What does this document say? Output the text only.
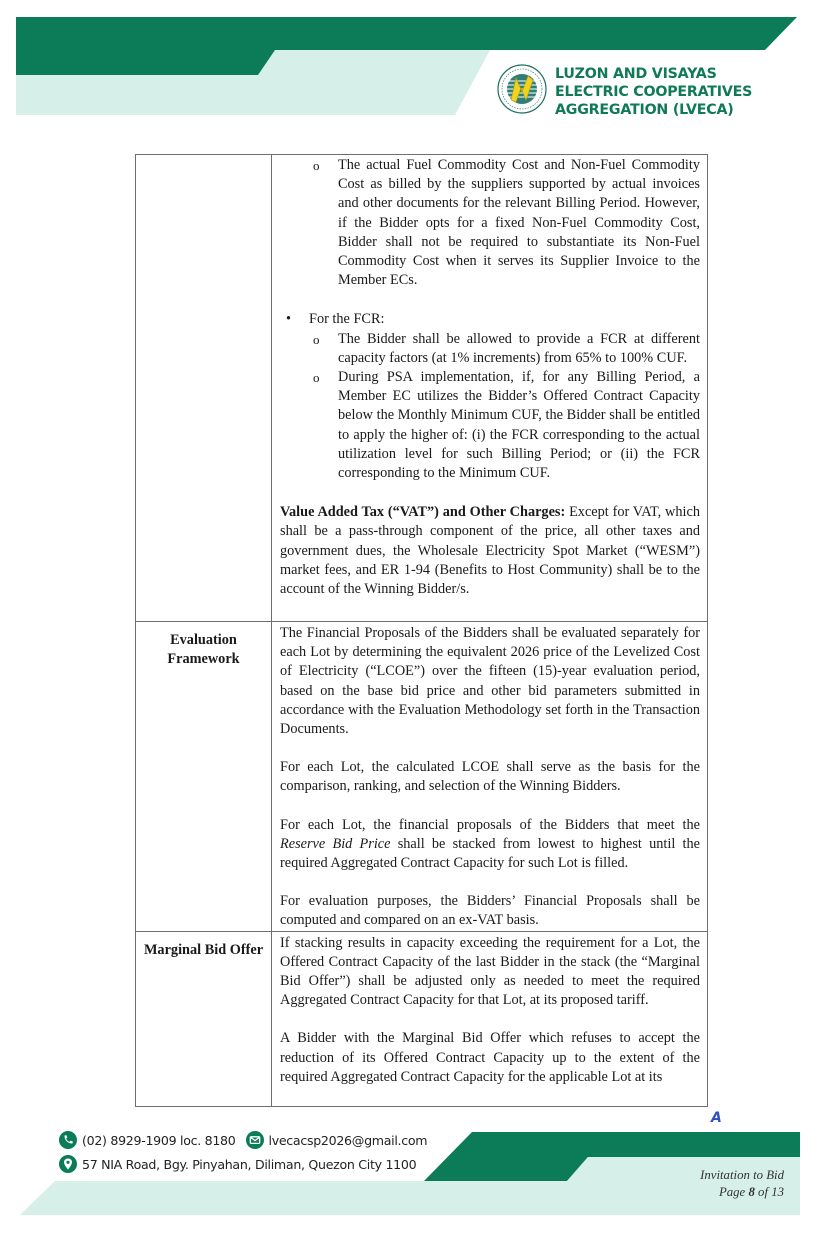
LUZON AND VISAYAS
ELECTRIC COOPERATIVES
AGGREGATION (LVECA)

o The actual Fuel Commodity Cost and Non-Fuel Commodity Cost as billed by the suppliers supported by actual invoices and other documents for the relevant Billing Period. However, if the Bidder opts for a fixed Non-Fuel Commodity Cost, Bidder shall not be required to substantiate its Non-Fuel Commodity Cost when it serves its Supplier Invoice to the Member ECs.
• For the FCR:
o The Bidder shall be allowed to provide a FCR at different capacity factors (at 1% increments) from 65% to 100% CUF.
o During PSA implementation, if, for any Billing Period, a Member EC utilizes the Bidder’s Offered Contract Capacity below the Monthly Minimum CUF, the Bidder shall be entitled to apply the higher of: (i) the FCR corresponding to the actual utilization level for such Billing Period; or (ii) the FCR corresponding to the Minimum CUF.

Value Added Tax (“VAT”) and Other Charges: Except for VAT, which shall be a pass-through component of the price, all other taxes and government dues, the Wholesale Electricity Spot Market (“WESM”) market fees, and ER 1-94 (Benefits to Host Community) shall be to the account of the Winning Bidder/s.

Evaluation Framework	The Financial Proposals of the Bidders shall be evaluated separately for each Lot by determining the equivalent 2026 price of the Levelized Cost of Electricity (“LCOE”) over the fifteen (15)-year evaluation period, based on the base bid price and other bid parameters submitted in accordance with the Evaluation Methodology set forth in the Transaction Documents.

For each Lot, the calculated LCOE shall serve as the basis for the comparison, ranking, and selection of the Winning Bidders.

For each Lot, the financial proposals of the Bidders that meet the Reserve Bid Price shall be stacked from lowest to highest until the required Aggregated Contract Capacity for such Lot is filled.

For evaluation purposes, the Bidders’ Financial Proposals shall be computed and compared on an ex-VAT basis.

Marginal Bid Offer	If stacking results in capacity exceeding the requirement for a Lot, the Offered Contract Capacity of the last Bidder in the stack (the “Marginal Bid Offer”) shall be adjusted only as needed to meet the required Aggregated Contract Capacity for that Lot, at its proposed tariff.

A Bidder with the Marginal Bid Offer which refuses to accept the reduction of its Offered Contract Capacity up to the extent of the required Aggregated Contract Capacity for the applicable Lot at its

A
(02) 8929-1909 loc. 8180	lvecacsp2026@gmail.com
57 NIA Road, Bgy. Pinyahan, Diliman, Quezon City 1100
Invitation to Bid
Page 8 of 13
